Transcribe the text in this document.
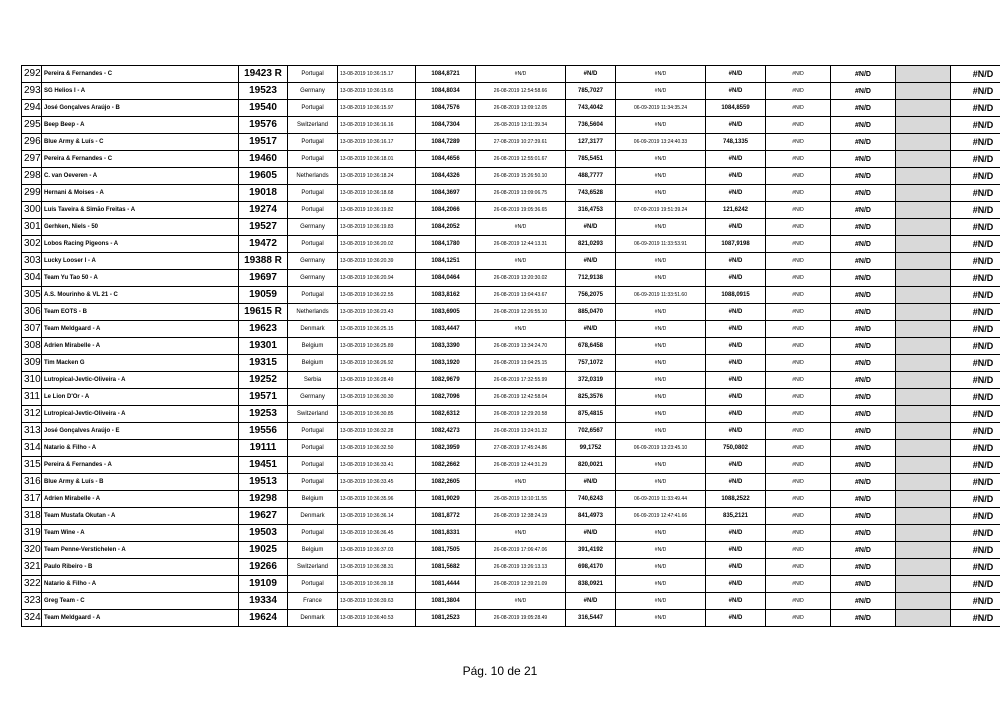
292	Pereira & Fernandes - C	19423 R	Portugal	13-08-2019 10:36:15.17	1084,8721	#N/D	#N/D	#N/D	#N/D	#N/D	#N/D		#N/D
293	SG Helios I - A	19523	Germany	13-08-2019 10:36:15.65	1084,8034	26-08-2019 12:54:58.66	785,7027	#N/D	#N/D	#N/D	#N/D		#N/D
294	José Gonçalves Araújo - B	19540	Portugal	13-08-2019 10:36:15.97	1084,7576	26-08-2019 13:09:12.05	743,4042	06-09-2019 11:34:35.24	1084,8559	#N/D	#N/D		#N/D
295	Beep Beep - A	19576	Switzerland	13-08-2019 10:36:16.16	1084,7304	26-08-2019 13:11:39.34	736,5604	#N/D	#N/D	#N/D	#N/D		#N/D
296	Blue Army & Luís - C	19517	Portugal	13-08-2019 10:36:16.17	1084,7289	27-08-2019 10:27:39.61	127,3177	06-09-2019 13:24:40.33	748,1335	#N/D	#N/D		#N/D
297	Pereira & Fernandes - C	19460	Portugal	13-08-2019 10:36:18.01	1084,4656	26-08-2019 12:55:01.67	785,5451	#N/D	#N/D	#N/D	#N/D		#N/D
298	C. van Oeveren - A	19605	Netherlands	13-08-2019 10:36:18.24	1084,4326	26-08-2019 15:26:50.10	488,7777	#N/D	#N/D	#N/D	#N/D		#N/D
299	Hernani & Moises - A	19018	Portugal	13-08-2019 10:36:18.68	1084,3697	26-08-2019 13:09:06.75	743,6528	#N/D	#N/D	#N/D	#N/D		#N/D
300	Luís Taveira & Simão Freitas - A	19274	Portugal	13-08-2019 10:36:19.82	1084,2066	26-08-2019 19:05:36.65	316,4753	07-09-2019 19:51:39.24	121,6242	#N/D	#N/D		#N/D
301	Gerhken, Niels - 50	19527	Germany	13-08-2019 10:36:19.83	1084,2052	#N/D	#N/D	#N/D	#N/D	#N/D	#N/D		#N/D
302	Lobos Racing Pigeons - A	19472	Portugal	13-08-2019 10:36:20.02	1084,1780	26-08-2019 12:44:13.31	821,0293	06-09-2019 11:33:53.91	1087,9198	#N/D	#N/D		#N/D
303	Lucky Looser I - A	19388 R	Germany	13-08-2019 10:36:20.39	1084,1251	#N/D	#N/D	#N/D	#N/D	#N/D	#N/D		#N/D
304	Team Yu Tao 50 - A	19697	Germany	13-08-2019 10:36:20.94	1084,0464	26-08-2019 13:20:30.02	712,9138	#N/D	#N/D	#N/D	#N/D		#N/D
305	A.S. Mourinho & VL 21 - C	19059	Portugal	13-08-2019 10:36:22.55	1083,8162	26-08-2019 13:04:43.67	756,2075	06-09-2019 11:33:51.60	1088,0915	#N/D	#N/D		#N/D
306	Team EOTS - B	19615 R	Netherlands	13-08-2019 10:36:23.43	1083,6905	26-08-2019 12:26:55.10	885,0470	#N/D	#N/D	#N/D	#N/D		#N/D
307	Team Meldgaard - A	19623	Denmark	13-08-2019 10:36:25.15	1083,4447	#N/D	#N/D	#N/D	#N/D	#N/D	#N/D		#N/D
308	Adrien Mirabelle - A	19301	Belgium	13-08-2019 10:36:25.89	1083,3390	26-08-2019 13:34:24.70	678,6458	#N/D	#N/D	#N/D	#N/D		#N/D
309	Tim Macken G	19315	Belgium	13-08-2019 10:36:26.92	1083,1920	26-08-2019 13:04:25.15	757,1072	#N/D	#N/D	#N/D	#N/D		#N/D
310	Lutropical-Jevtic-Oliveira - A	19252	Serbia	13-08-2019 10:36:28.49	1082,9679	26-08-2019 17:32:55.99	372,0319	#N/D	#N/D	#N/D	#N/D		#N/D
311	Le Lion D'Or - A	19571	Germany	13-08-2019 10:36:30.30	1082,7096	26-08-2019 12:42:58.04	825,3576	#N/D	#N/D	#N/D	#N/D		#N/D
312	Lutropical-Jevtic-Oliveira - A	19253	Switzerland	13-08-2019 10:36:30.85	1082,6312	26-08-2019 12:29:20.58	875,4815	#N/D	#N/D	#N/D	#N/D		#N/D
313	José Gonçalves Araújo - E	19556	Portugal	13-08-2019 10:36:32.28	1082,4273	26-08-2019 13:24:31.32	702,6567	#N/D	#N/D	#N/D	#N/D		#N/D
314	Natario & Filho - A	19111	Portugal	13-08-2019 10:36:32.50	1082,3959	27-08-2019 17:45:24.86	99,1752	06-09-2019 13:23:45.10	750,0802	#N/D	#N/D		#N/D
315	Pereira & Fernandes - A	19451	Portugal	13-08-2019 10:36:33.41	1082,2662	26-08-2019 12:44:31.29	820,0021	#N/D	#N/D	#N/D	#N/D		#N/D
316	Blue Army & Luís - B	19513	Portugal	13-08-2019 10:36:33.45	1082,2605	#N/D	#N/D	#N/D	#N/D	#N/D	#N/D		#N/D
317	Adrien Mirabelle - A	19298	Belgium	13-08-2019 10:36:35.96	1081,9029	26-08-2019 13:10:11.55	740,6243	06-09-2019 11:33:49.44	1088,2522	#N/D	#N/D		#N/D
318	Team Mustafa Okutan - A	19627	Denmark	13-08-2019 10:36:36.14	1081,8772	26-08-2019 12:38:24.19	841,4973	06-09-2019 12:47:41.66	835,2121	#N/D	#N/D		#N/D
319	Team Wine - A	19503	Portugal	13-08-2019 10:36:36.45	1081,8331	#N/D	#N/D	#N/D	#N/D	#N/D	#N/D		#N/D
320	Team Penne-Verstichelen - A	19025	Belgium	13-08-2019 10:36:37.03	1081,7505	26-08-2019 17:06:47.06	391,4192	#N/D	#N/D	#N/D	#N/D		#N/D
321	Paulo Ribeiro - B	19266	Switzerland	13-08-2019 10:36:38.31	1081,5682	26-08-2019 13:26:13.13	698,4170	#N/D	#N/D	#N/D	#N/D		#N/D
322	Natario & Filho - A	19109	Portugal	13-08-2019 10:36:39.18	1081,4444	26-08-2019 12:39:21.09	838,0921	#N/D	#N/D	#N/D	#N/D		#N/D
323	Greg Team - C	19334	France	13-08-2019 10:36:39.63	1081,3804	#N/D	#N/D	#N/D	#N/D	#N/D	#N/D		#N/D
324	Team Meldgaard - A	19624	Denmark	13-08-2019 10:36:40.53	1081,2523	26-08-2019 19:05:28.49	316,5447	#N/D	#N/D	#N/D	#N/D		#N/D
Pág. 10 de 21
